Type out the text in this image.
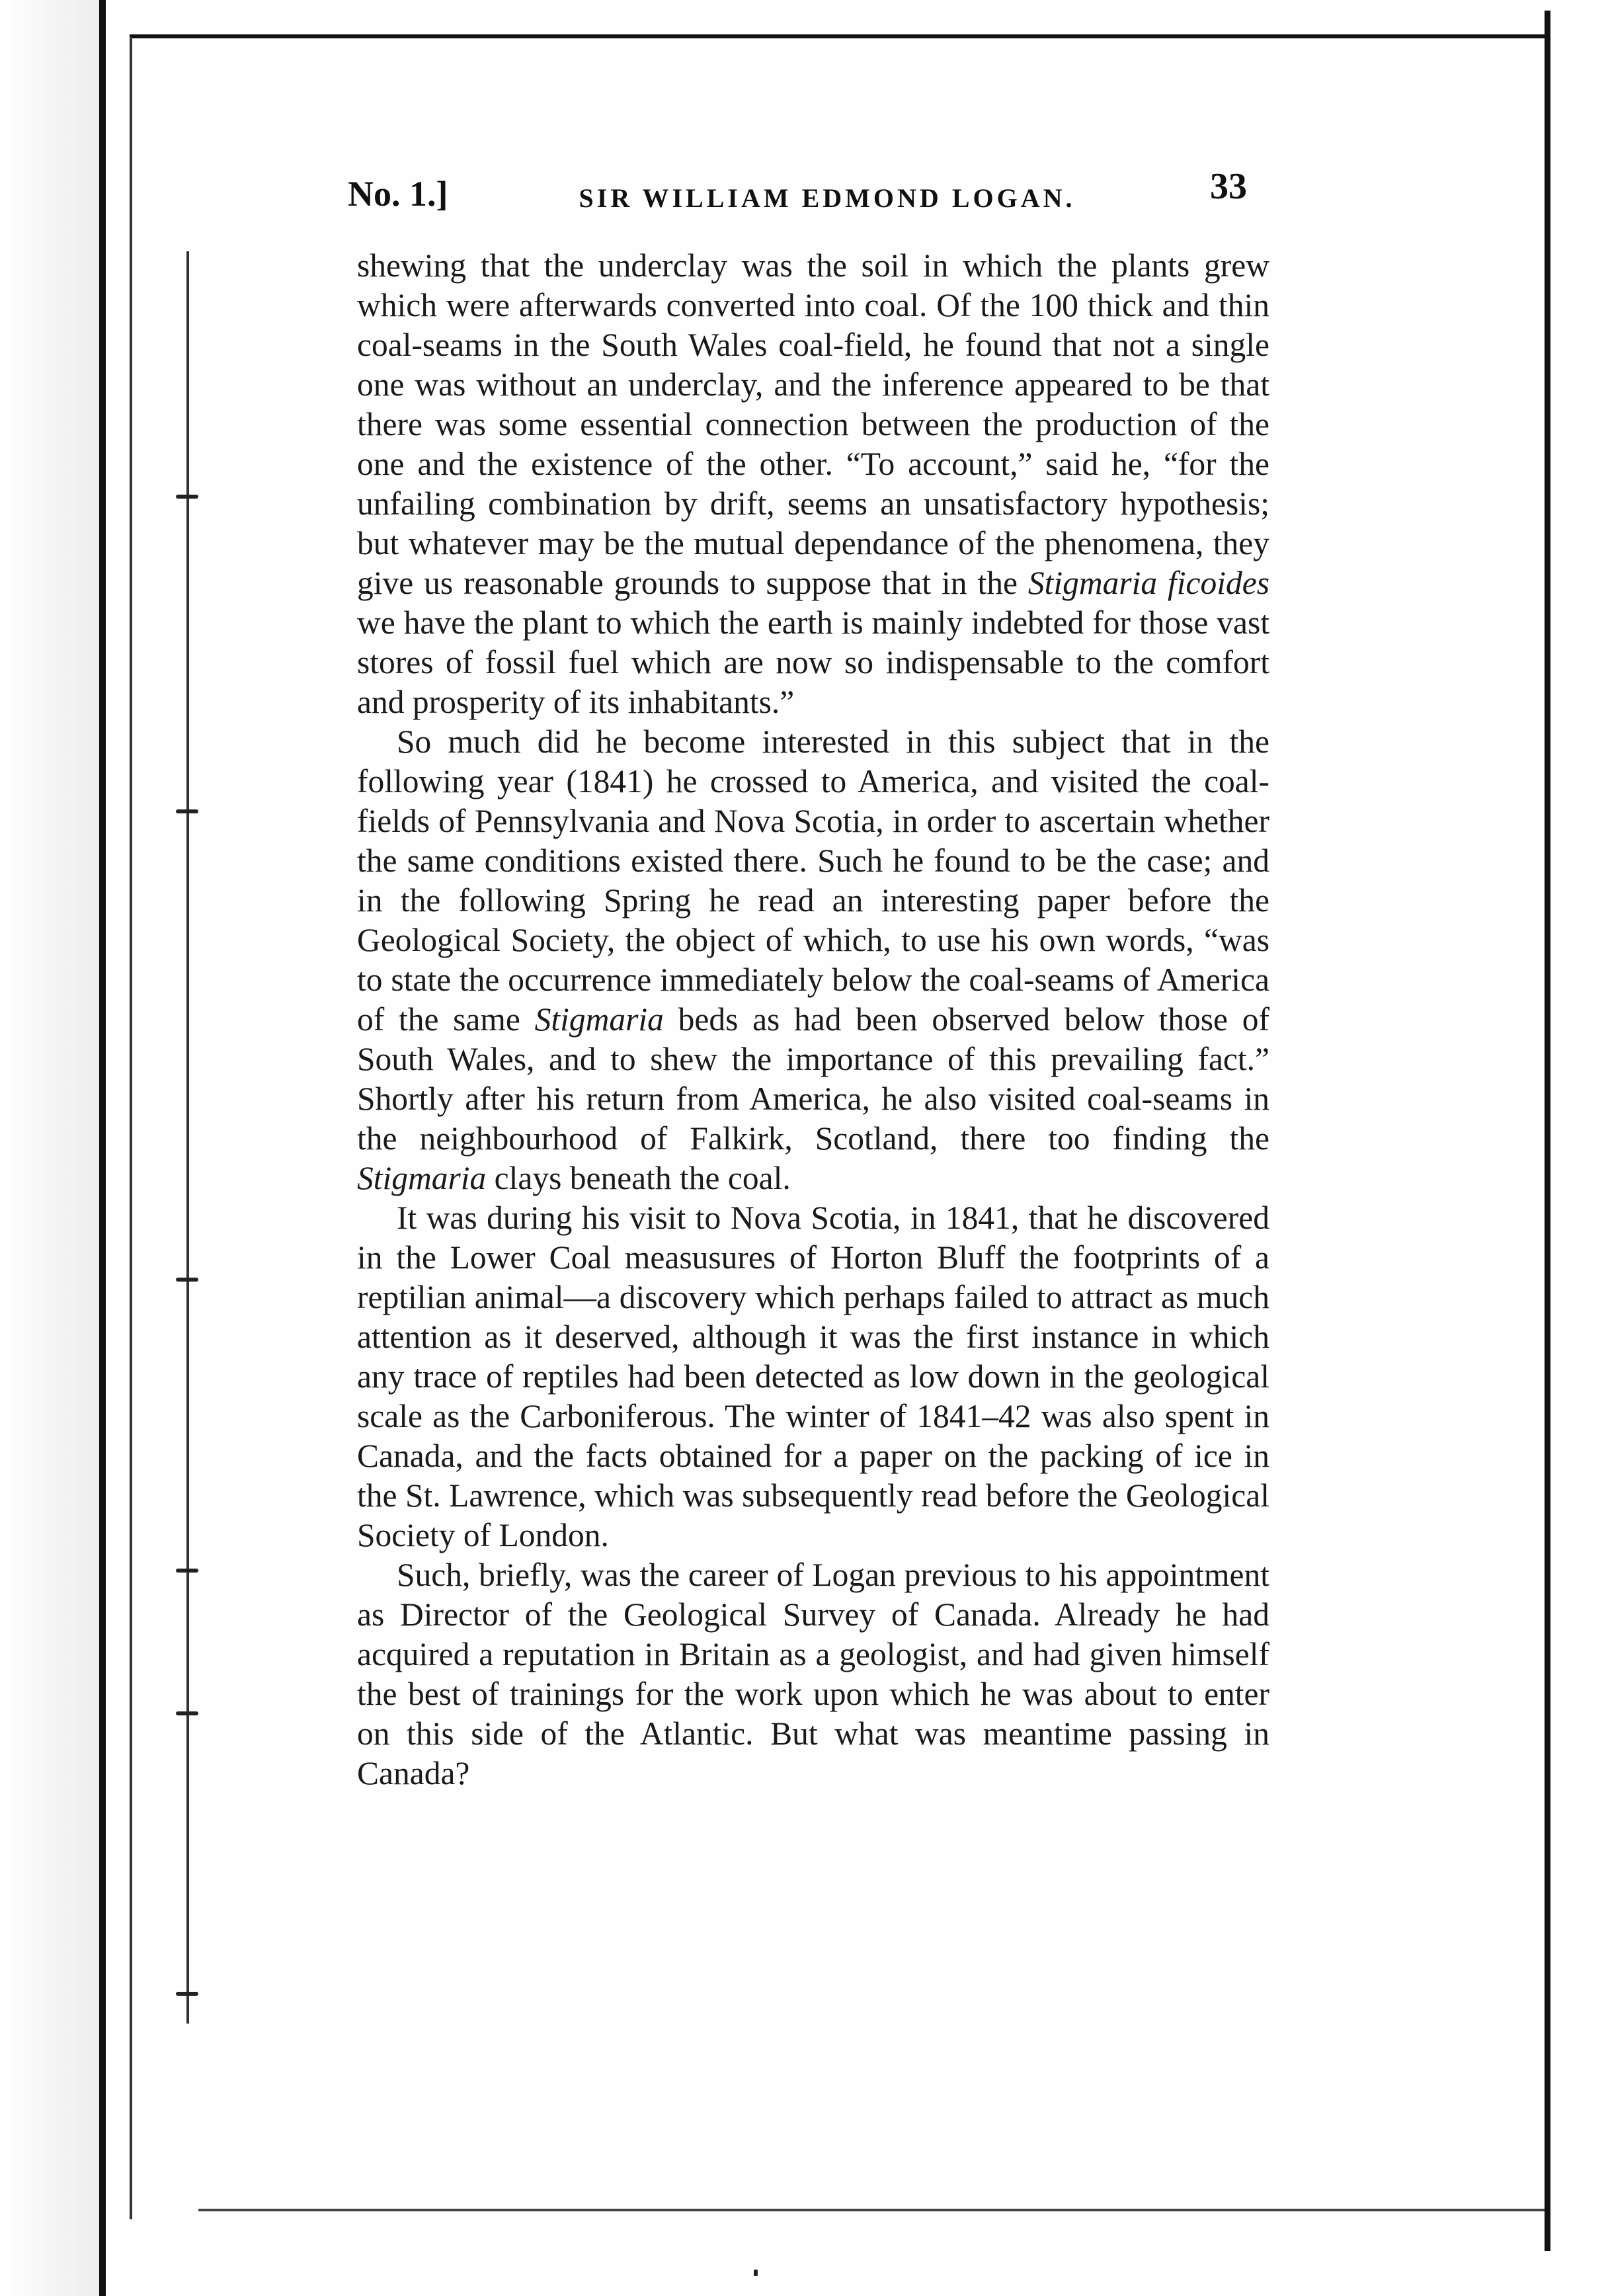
No. 1.]	SIR WILLIAM EDMOND LOGAN.	33

shewing that the underclay was the soil in which the plants grew which were afterwards converted into coal. Of the 100 thick and thin coal-seams in the South Wales coal-field, he found that not a single one was without an underclay, and the inference appeared to be that there was some essential connection between the production of the one and the existence of the other. “To account,” said he, “for the unfailing combination by drift, seems an unsatisfactory hypothesis; but whatever may be the mutual dependance of the phenomena, they give us reasonable grounds to suppose that in the Stigmaria ficoides we have the plant to which the earth is mainly indebted for those vast stores of fossil fuel which are now so indispensable to the comfort and prosperity of its inhabitants.”

So much did he become interested in this subject that in the following year (1841) he crossed to America, and visited the coal-fields of Pennsylvania and Nova Scotia, in order to ascertain whether the same conditions existed there. Such he found to be the case; and in the following Spring he read an interesting paper before the Geological Society, the object of which, to use his own words, “was to state the occurrence immediately below the coal-seams of America of the same Stigmaria beds as had been observed below those of South Wales, and to shew the importance of this prevailing fact.” Shortly after his return from America, he also visited coal-seams in the neighbourhood of Falkirk, Scotland, there too finding the Stigmaria clays beneath the coal.

It was during his visit to Nova Scotia, in 1841, that he discovered in the Lower Coal measusures of Horton Bluff the footprints of a reptilian animal—a discovery which perhaps failed to attract as much attention as it deserved, although it was the first instance in which any trace of reptiles had been detected as low down in the geological scale as the Carboniferous. The winter of 1841–42 was also spent in Canada, and the facts obtained for a paper on the packing of ice in the St. Lawrence, which was subsequently read before the Geological Society of London.

Such, briefly, was the career of Logan previous to his appointment as Director of the Geological Survey of Canada. Already he had acquired a reputation in Britain as a geologist, and had given himself the best of trainings for the work upon which he was about to enter on this side of the Atlantic. But what was meantime passing in Canada?
